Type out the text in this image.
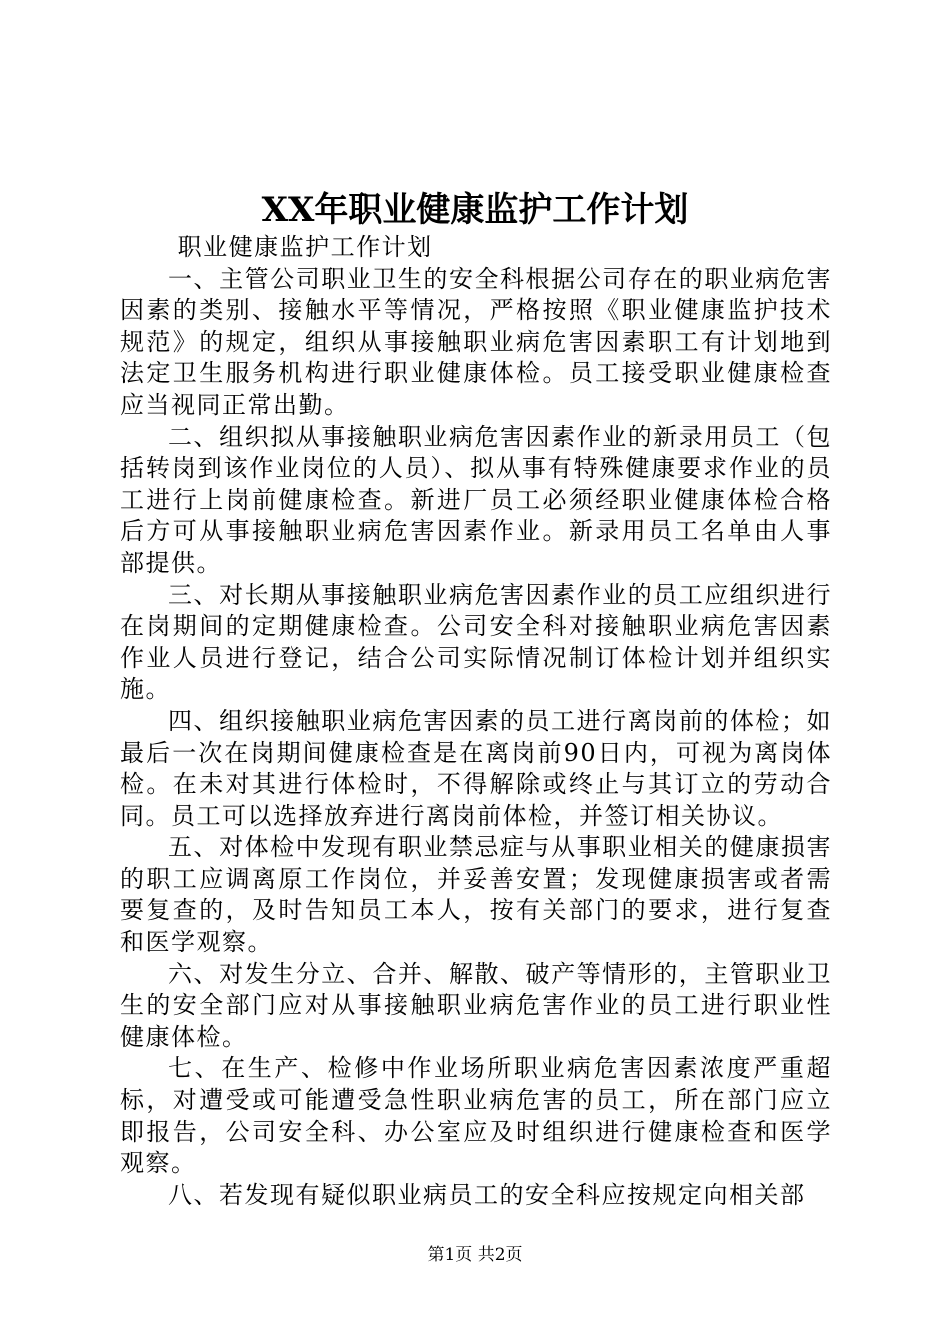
XX年职业健康监护工作计划

职业健康监护工作计划

一、主管公司职业卫生的安全科根据公司存在的职业病危害因素的类别、接触水平等情况，严格按照《职业健康监护技术规范》的规定，组织从事接触职业病危害因素职工有计划地到法定卫生服务机构进行职业健康体检。员工接受职业健康检查应当视同正常出勤。

二、组织拟从事接触职业病危害因素作业的新录用员工（包括转岗到该作业岗位的人员）、拟从事有特殊健康要求作业的员工进行上岗前健康检查。新进厂员工必须经职业健康体检合格后方可从事接触职业病危害因素作业。新录用员工名单由人事部提供。

三、对长期从事接触职业病危害因素作业的员工应组织进行在岗期间的定期健康检查。公司安全科对接触职业病危害因素作业人员进行登记，结合公司实际情况制订体检计划并组织实施。

四、组织接触职业病危害因素的员工进行离岗前的体检；如最后一次在岗期间健康检查是在离岗前90日内，可视为离岗体检。在未对其进行体检时，不得解除或终止与其订立的劳动合同。员工可以选择放弃进行离岗前体检，并签订相关协议。

五、对体检中发现有职业禁忌症与从事职业相关的健康损害的职工应调离原工作岗位，并妥善安置；发现健康损害或者需要复查的，及时告知员工本人，按有关部门的要求，进行复查和医学观察。

六、对发生分立、合并、解散、破产等情形的，主管职业卫生的安全部门应对从事接触职业病危害作业的员工进行职业性健康体检。

七、在生产、检修中作业场所职业病危害因素浓度严重超标，对遭受或可能遭受急性职业病危害的员工，所在部门应立即报告，公司安全科、办公室应及时组织进行健康检查和医学观察。

八、若发现有疑似职业病员工的安全科应按规定向相关部

第1页 共2页
